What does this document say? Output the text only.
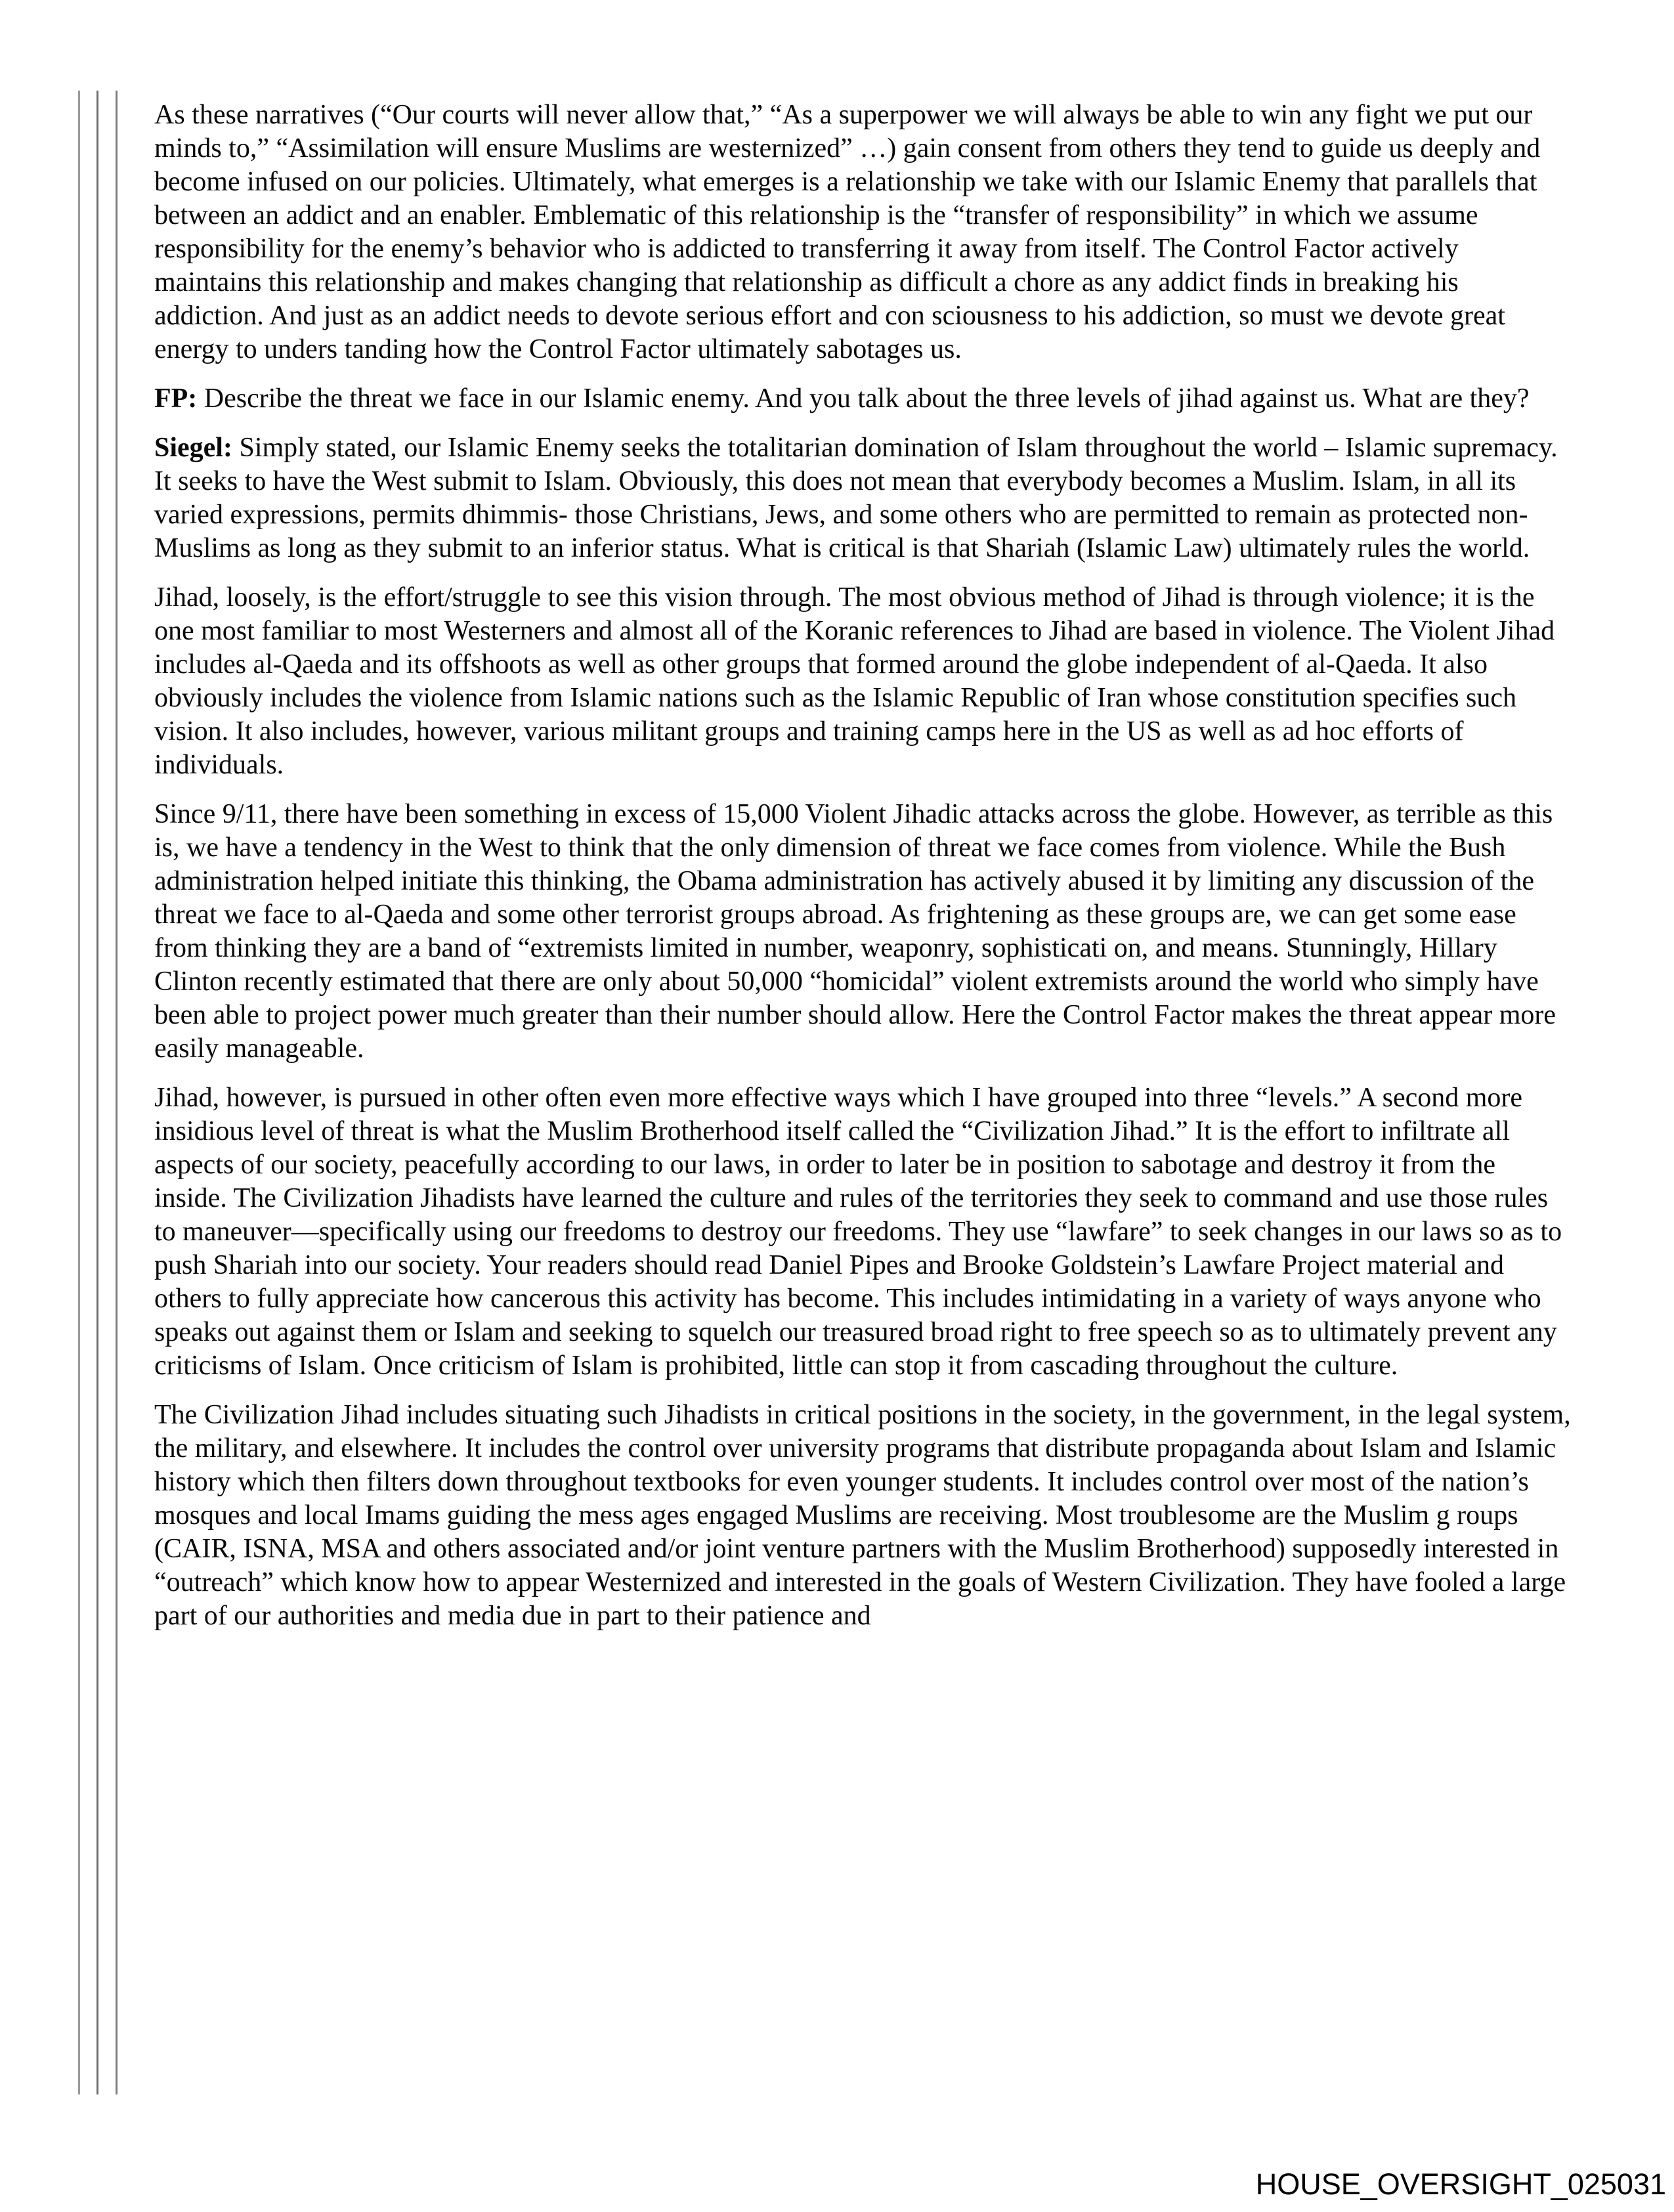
As these narratives (“Our courts will never allow that,” “As a superpower we will always be able to win any fight we put our minds to,” “Assimilation will ensure Muslims are westernized” …) gain consent from others they tend to guide us deeply and become infused on our policies. Ultimately, what emerges is a relationship we take with our Islamic Enemy that parallels that between an addict and an enabler. Emblematic of this relationship is the “transfer of responsibility” in which we assume responsibility for the enemy’s behavior who is addicted to transferring it away from itself. The Control Factor actively maintains this relationship and makes changing that relationship as difficult a chore as any addict finds in breaking his addiction. And just as an addict needs to devote serious effort and con sciousness to his addiction, so must we devote great energy to unders tanding how the Control Factor ultimately sabotages us.

FP: Describe the threat we face in our Islamic enemy. And you talk about the three levels of jihad against us. What are they?

Siegel: Simply stated, our Islamic Enemy seeks the totalitarian domination of Islam throughout the world – Islamic supremacy. It seeks to have the West submit to Islam. Obviously, this does not mean that everybody becomes a Muslim. Islam, in all its varied expressions, permits dhimmis- those Christians, Jews, and some others who are permitted to remain as protected non-Muslims as long as they submit to an inferior status. What is critical is that Shariah (Islamic Law) ultimately rules the world.

Jihad, loosely, is the effort/struggle to see this vision through. The most obvious method of Jihad is through violence; it is the one most familiar to most Westerners and almost all of the Koranic references to Jihad are based in violence. The Violent Jihad includes al-Qaeda and its offshoots as well as other groups that formed around the globe independent of al-Qaeda. It also obviously includes the violence from Islamic nations such as the Islamic Republic of Iran whose constitution specifies such vision. It also includes, however, various militant groups and training camps here in the US as well as ad hoc efforts of individuals.

Since 9/11, there have been something in excess of 15,000 Violent Jihadic attacks across the globe. However, as terrible as this is, we have a tendency in the West to think that the only dimension of threat we face comes from violence. While the Bush administration helped initiate this thinking, the Obama administration has actively abused it by limiting any discussion of the threat we face to al-Qaeda and some other terrorist groups abroad. As frightening as these groups are, we can get some ease from thinking they are a band of “extremists limited in number, weaponry, sophisticati on, and means. Stunningly, Hillary Clinton recently estimated that there are only about 50,000 “homicidal” violent extremists around the world who simply have been able to project power much greater than their number should allow. Here the Control Factor makes the threat appear more easily manageable.

Jihad, however, is pursued in other often even more effective ways which I have grouped into three “levels.” A second more insidious level of threat is what the Muslim Brotherhood itself called the “Civilization Jihad.” It is the effort to infiltrate all aspects of our society, peacefully according to our laws, in order to later be in position to sabotage and destroy it from the inside. The Civilization Jihadists have learned the culture and rules of the territories they seek to command and use those rules to maneuver—specifically using our freedoms to destroy our freedoms. They use “lawfare” to seek changes in our laws so as to push Shariah into our society. Your readers should read Daniel Pipes and Brooke Goldstein’s Lawfare Project material and others to fully appreciate how cancerous this activity has become. This includes intimidating in a variety of ways anyone who speaks out against them or Islam and seeking to squelch our treasured broad right to free speech so as to ultimately prevent any criticisms of Islam. Once criticism of Islam is prohibited, little can stop it from cascading throughout the culture.

The Civilization Jihad includes situating such Jihadists in critical positions in the society, in the government, in the legal system, the military, and elsewhere. It includes the control over university programs that distribute propaganda about Islam and Islamic history which then filters down throughout textbooks for even younger students. It includes control over most of the nation’s mosques and local Imams guiding the mess ages engaged Muslims are receiving. Most troublesome are the Muslim g roups (CAIR, ISNA, MSA and others associated and/or joint venture partners with the Muslim Brotherhood) supposedly interested in “outreach” which know how to appear Westernized and interested in the goals of Western Civilization. They have fooled a large part of our authorities and media due in part to their patience and

HOUSE_OVERSIGHT_025031
